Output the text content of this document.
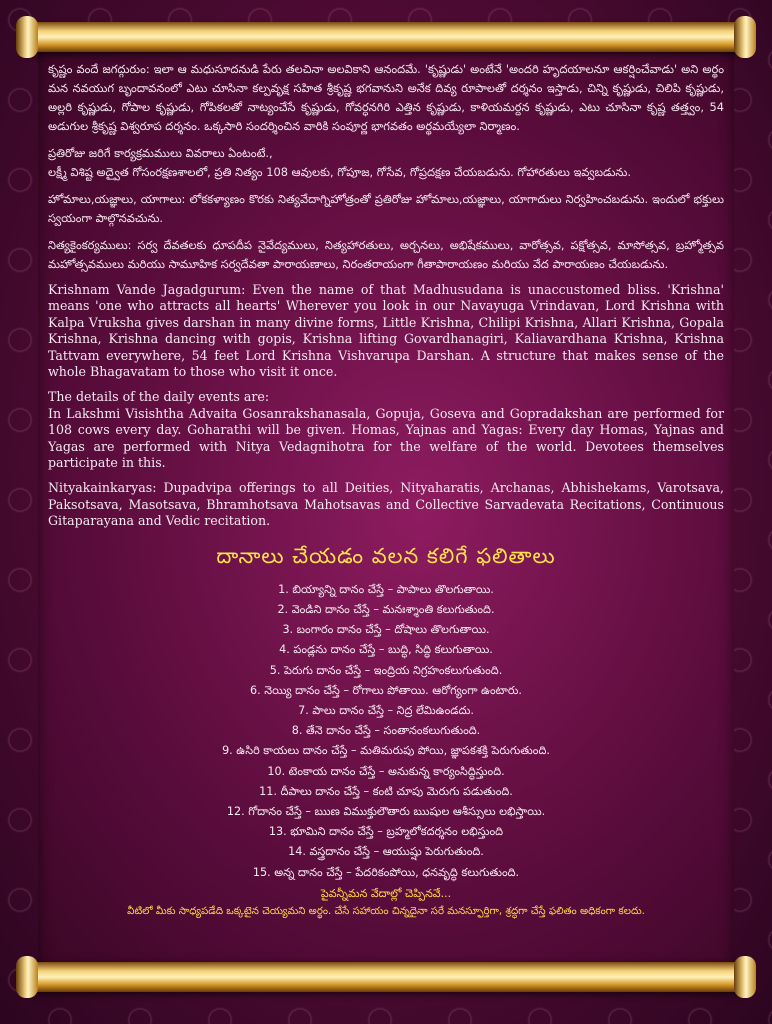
కృష్ణం వందే జగద్గురుం: ఇలా ఆ మధుసూదనుడి పేరు తలచినా అలవికాని ఆనందమే. 'కృష్ణుడు' అంటేనే 'అందరి హృదయాలనూ ఆకర్షించేవాడు' అని అర్థం మన నవయుగ బృందావనంలో ఎటు చూసినా కల్పవృక్ష సహిత శ్రీకృష్ణ భగవానుని అనేక దివ్య రూపాలతో దర్శనం ఇస్తాడు, చిన్ని కృష్ణుడు, చిలిపి కృష్ణుడు, అల్లరి కృష్ణుడు, గోపాల కృష్ణుడు, గోపికలతో నాట్యంచేసే కృష్ణుడు, గోవర్ధనగిరి ఎత్తిన కృష్ణుడు, కాళియమర్దన కృష్ణుడు, ఎటు చూసినా కృష్ణ తత్త్వం, 54 అడుగుల శ్రీకృష్ణ విశ్వరూప దర్శనం. ఒక్కసారి సందర్శించిన వారికి సంపూర్ణ భాగవతం అర్థమయ్యేలా నిర్మాణం.

ప్రతిరోజు జరిగే కార్యక్రమములు వివరాలు ఏంటంటే.,
లక్ష్మీ విశిష్ట అద్వైత గోసంరక్షణశాలలో, ప్రతి నిత్యం 108 ఆవులకు, గోపూజ, గోసేవ, గోప్రదక్షణ చేయబడును. గోహారతులు ఇవ్వబడును.

హోమాలు,యజ్ఞాలు, యాగాలు: లోకకళ్యాణం కొరకు నిత్యవేదాగ్నిహోత్రంతో ప్రతిరోజు హోమాలు,యజ్ఞాలు, యాగాదులు నిర్వహించబడును. ఇందులో భక్తులు స్వయంగా పాల్గొనవచును.

నిత్యకైంకర్యములు: సర్వ దేవతలకు ధూపదీప నైవేద్యములు, నిత్యహారతులు, అర్చనలు, అభిషేకములు, వారోత్సవ, పక్షోత్సవ, మాసోత్సవ, బ్రహ్మోత్సవ మహోత్సవములు మరియు సామూహిక సర్వదేవతా పారాయణాలు, నిరంతరాయంగా గీతాపారాయణం మరియు వేద పారాయణం చేయబడును.

Krishnam Vande Jagadgurum: Even the name of that Madhusudana is unaccustomed bliss. 'Krishna' means 'one who attracts all hearts' Wherever you look in our Navayuga Vrindavan, Lord Krishna with Kalpa Vruksha gives darshan in many divine forms, Little Krishna, Chilipi Krishna, Allari Krishna, Gopala Krishna, Krishna dancing with gopis, Krishna lifting Govardhanagiri, Kaliavardhana Krishna, Krishna Tattvam everywhere, 54 feet Lord Krishna Vishvarupa Darshan. A structure that makes sense of the whole Bhagavatam to those who visit it once.

The details of the daily events are:
In Lakshmi Visishtha Advaita Gosanrakshanasala, Gopuja, Goseva and Gopradakshan are performed for 108 cows every day. Goharathi will be given. Homas, Yajnas and Yagas: Every day Homas, Yajnas and Yagas are performed with Nitya Vedagnihotra for the welfare of the world. Devotees themselves participate in this.

Nityakainkaryas: Dupadvipa offerings to all Deities, Nityaharatis, Archanas, Abhishekams, Varotsava, Paksotsava, Masotsava, Bhramhotsava Mahotsavas and Collective Sarvadevata Recitations, Continuous Gitaparayana and Vedic recitation.

దానాలు చేయడం వలన కలిగే ఫలితాలు
1. బియ్యాన్ని దానం చేస్తే – పాపాలు తొలగుతాయి.
2. వెండిని దానం చేస్తే – మనఃశ్శాంతి కలుగుతుంది.
3. బంగారం దానం చేస్తే – దోషాలు తొలగుతాయి.
4. పండ్లను దానం చేస్తే – బుద్ధి, సిద్ధి కలుగుతాయి.
5. పెరుగు దానం చేస్తే – ఇంద్రియ నిగ్రహంకలుగుతుంది.
6. నెయ్యి దానం చేస్తే – రోగాలు పోతాయి. ఆరోగ్యంగా ఉంటారు.
7. పాలు దానం చేస్తే – నిద్ర లేమిఉండదు.
8. తేనె దానం చేస్తే – సంతానంకలుగుతుంది.
9. ఉసిరి కాయలు దానం చేస్తే – మతిమరుపు పోయి, జ్ఞాపకశక్తి పెరుగుతుంది.
10. టెంకాయ దానం చేస్తే – అనుకున్న కార్యంసిద్ధిస్తుంది.
11. దీపాలు దానం చేస్తే – కంటి చూపు మెరుగు పడుతుంది.
12. గోదానం చేస్తే – ఋణ విముక్తులౌతారు ఋషుల ఆశీస్సులు లభిస్తాయి.
13. భూమిని దానం చేస్తే – బ్రహ్మలోకదర్శనం లభిస్తుంది
14. వస్త్రదానం చేస్తే – ఆయుష్షు పెరుగుతుంది.
15. అన్న దానం చేస్తే – పేదరికంపోయి, ధనవృద్ధి కలుగుతుంది.

పైవన్నీమన వేదాల్లో చెప్పినవే...

వీటిలో మీకు సాధ్యపడేది ఒక్కటైన చెయ్యమని అర్థం. చేసే సహాయం చిన్నదైనా సరే మనస్ఫూర్తిగా, శ్రద్ధగా చేస్తే ఫలితం అధికంగా కలదు.
